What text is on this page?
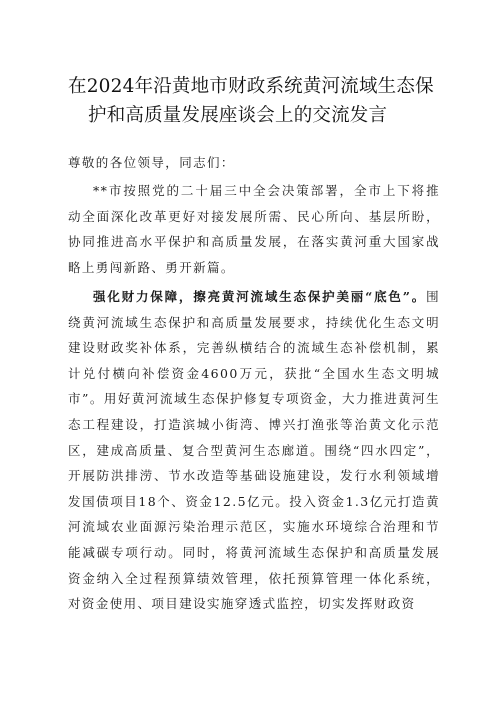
在2024年沿黄地市财政系统黄河流域生态保
护和高质量发展座谈会上的交流发言
尊敬的各位领导，同志们：
**市按照党的二十届三中全会决策部署，全市上下将推动全面深化改革更好对接发展所需、民心所向、基层所盼，协同推进高水平保护和高质量发展，在落实黄河重大国家战略上勇闯新路、勇开新篇。
强化财力保障，擦亮黄河流域生态保护美丽“底色”。围绕黄河流域生态保护和高质量发展要求，持续优化生态文明建设财政奖补体系，完善纵横结合的流域生态补偿机制，累计兑付横向补偿资金4600万元，获批“全国水生态文明城市”。用好黄河流域生态保护修复专项资金，大力推进黄河生态工程建设，打造滨城小街湾、博兴打渔张等治黄文化示范区，建成高质量、复合型黄河生态廊道。围绕“四水四定”，开展防洪排涝、节水改造等基础设施建设，发行水利领域增发国债项目18个、资金12.5亿元。投入资金1.3亿元打造黄河流域农业面源污染治理示范区，实施水环境综合治理和节能减碳专项行动。同时，将黄河流域生态保护和高质量发展资金纳入全过程预算绩效管理，依托预算管理一体化系统，对资金使用、项目建设实施穿透式监控，切实发挥财政资
